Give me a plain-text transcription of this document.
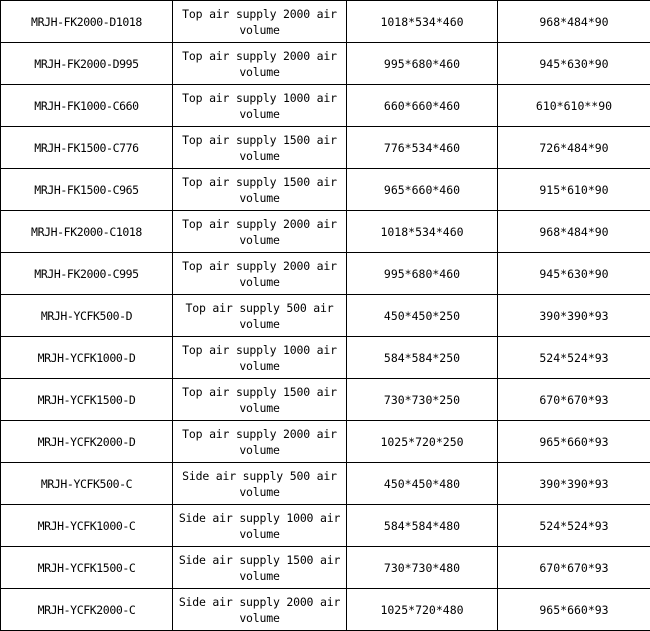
MRJH-FK2000-D1018	Top air supply 2000 air
volume	1018*534*460	968*484*90
MRJH-FK2000-D995	Top air supply 2000 air
volume	995*680*460	945*630*90
MRJH-FK1000-C660	Top air supply 1000 air
volume	660*660*460	610*610**90
MRJH-FK1500-C776	Top air supply 1500 air
volume	776*534*460	726*484*90
MRJH-FK1500-C965	Top air supply 1500 air
volume	965*660*460	915*610*90
MRJH-FK2000-C1018	Top air supply 2000 air
volume	1018*534*460	968*484*90
MRJH-FK2000-C995	Top air supply 2000 air
volume	995*680*460	945*630*90
MRJH-YCFK500-D	Top air supply 500 air
volume	450*450*250	390*390*93
MRJH-YCFK1000-D	Top air supply 1000 air
volume	584*584*250	524*524*93
MRJH-YCFK1500-D	Top air supply 1500 air
volume	730*730*250	670*670*93
MRJH-YCFK2000-D	Top air supply 2000 air
volume	1025*720*250	965*660*93
MRJH-YCFK500-C	Side air supply 500 air
volume	450*450*480	390*390*93
MRJH-YCFK1000-C	Side air supply 1000 air
volume	584*584*480	524*524*93
MRJH-YCFK1500-C	Side air supply 1500 air
volume	730*730*480	670*670*93
MRJH-YCFK2000-C	Side air supply 2000 air
volume	1025*720*480	965*660*93
